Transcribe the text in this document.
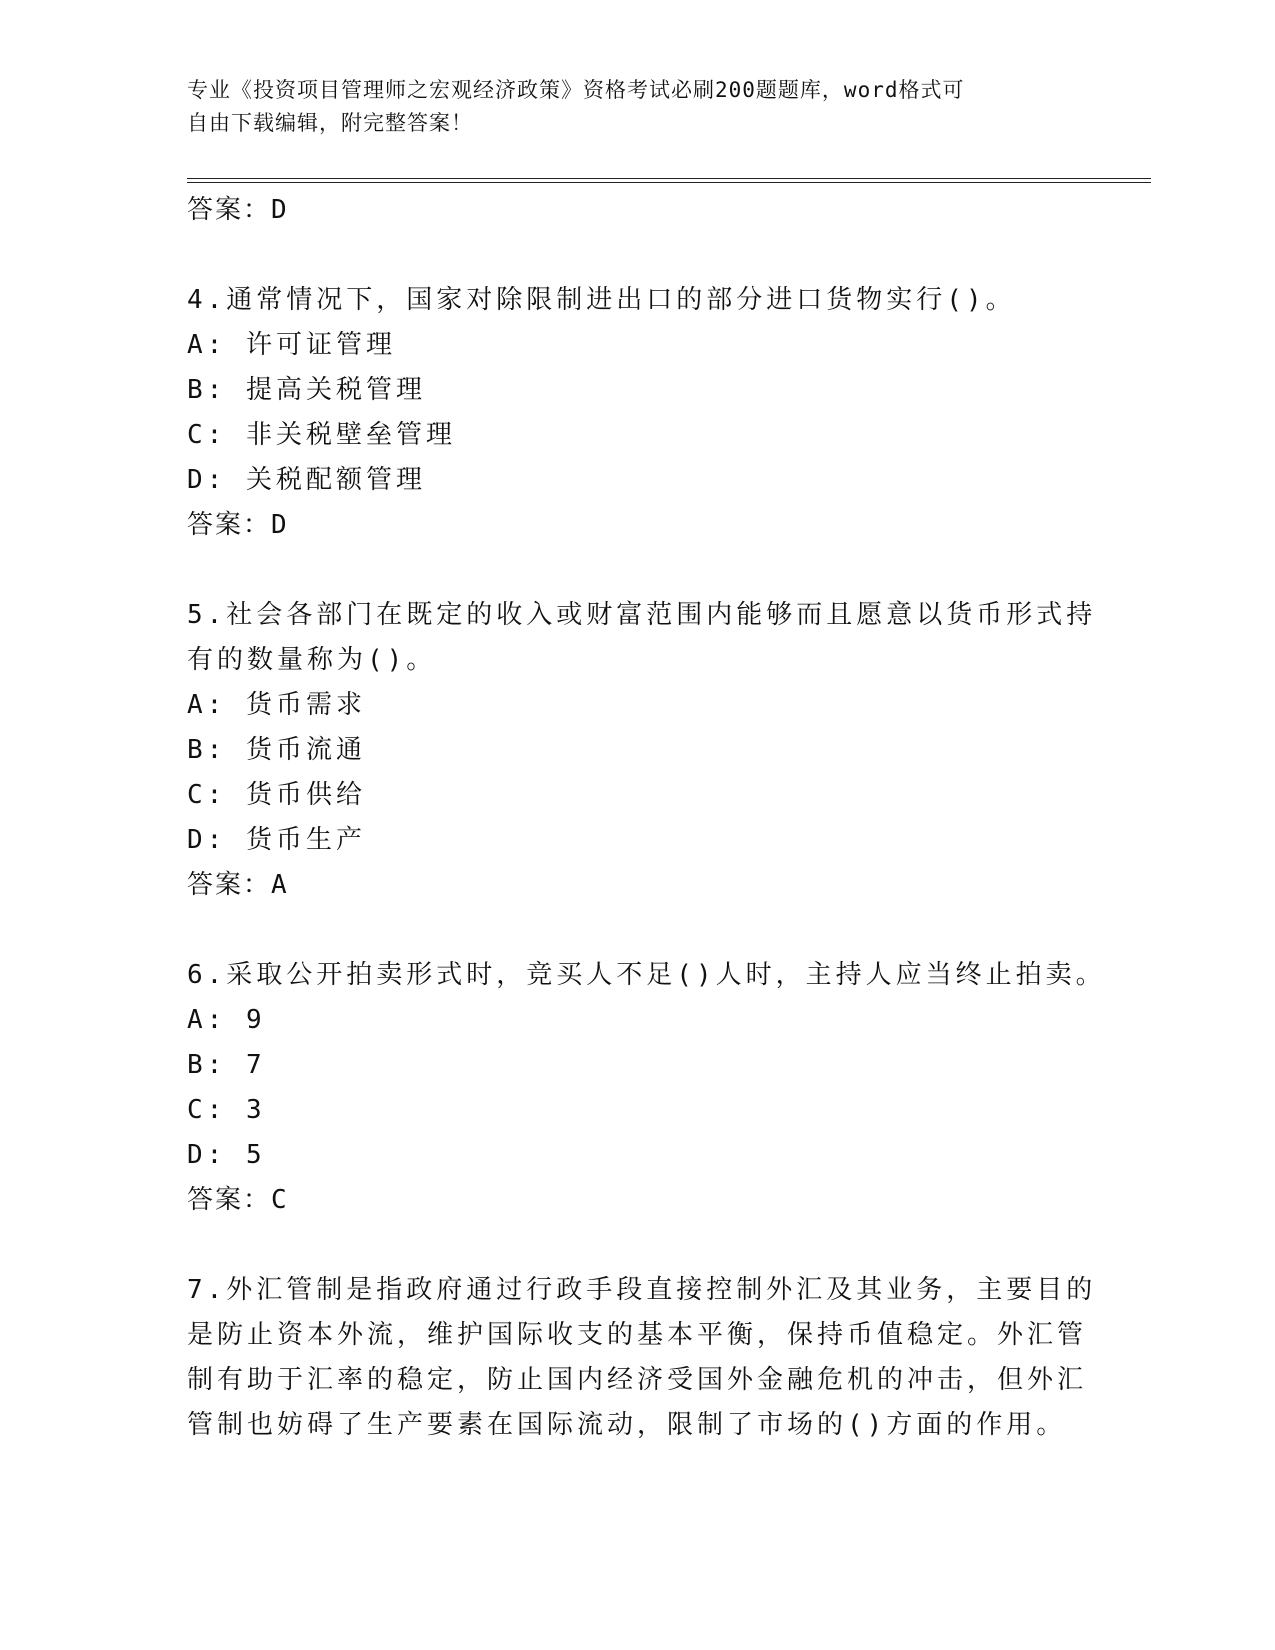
专业《投资项目管理师之宏观经济政策》资格考试必刷200题题库，word格式可
自由下载编辑，附完整答案！
答案：D
4.通常情况下，国家对除限制进出口的部分进口货物实行()。
A: 许可证管理
B: 提高关税管理
C: 非关税壁垒管理
D: 关税配额管理
答案：D
5.社会各部门在既定的收入或财富范围内能够而且愿意以货币形式持
有的数量称为()。
A: 货币需求
B: 货币流通
C: 货币供给
D: 货币生产
答案：A
6.采取公开拍卖形式时，竞买人不足()人时，主持人应当终止拍卖。
A: 9
B: 7
C: 3
D: 5
答案：C
7.外汇管制是指政府通过行政手段直接控制外汇及其业务，主要目的
是防止资本外流，维护国际收支的基本平衡，保持币值稳定。外汇管
制有助于汇率的稳定，防止国内经济受国外金融危机的冲击，但外汇
管制也妨碍了生产要素在国际流动，限制了市场的()方面的作用。
